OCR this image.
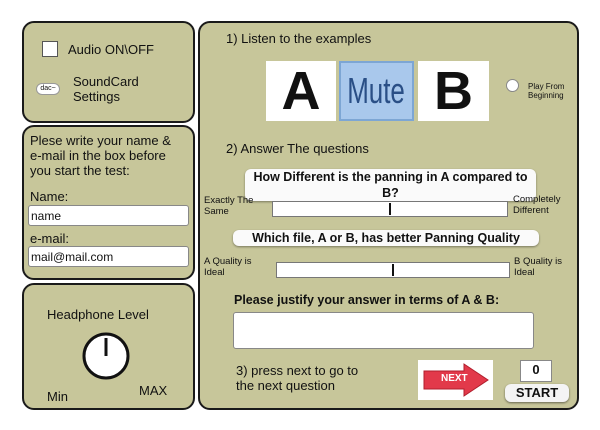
Audio ON\OFF
dac~	SoundCard
Settings
Plese write your name &
e-mail in the box before
you start the test:
Name:
name
e-mail:
mail@mail.com
Headphone Level
Min	MAX
1) Listen to the examples
A Mute B	Play From
Beginning
2) Answer The questions
How Different is the panning in A compared to B?
Exactly The
Same
Completely
Different
Which file, A or B, has better Panning Quality
A Quality is
Ideal
B Quality is
Ideal
Please justify your answer in terms of A & B:
3) press next to go to
the next question	NEXT
0
START
